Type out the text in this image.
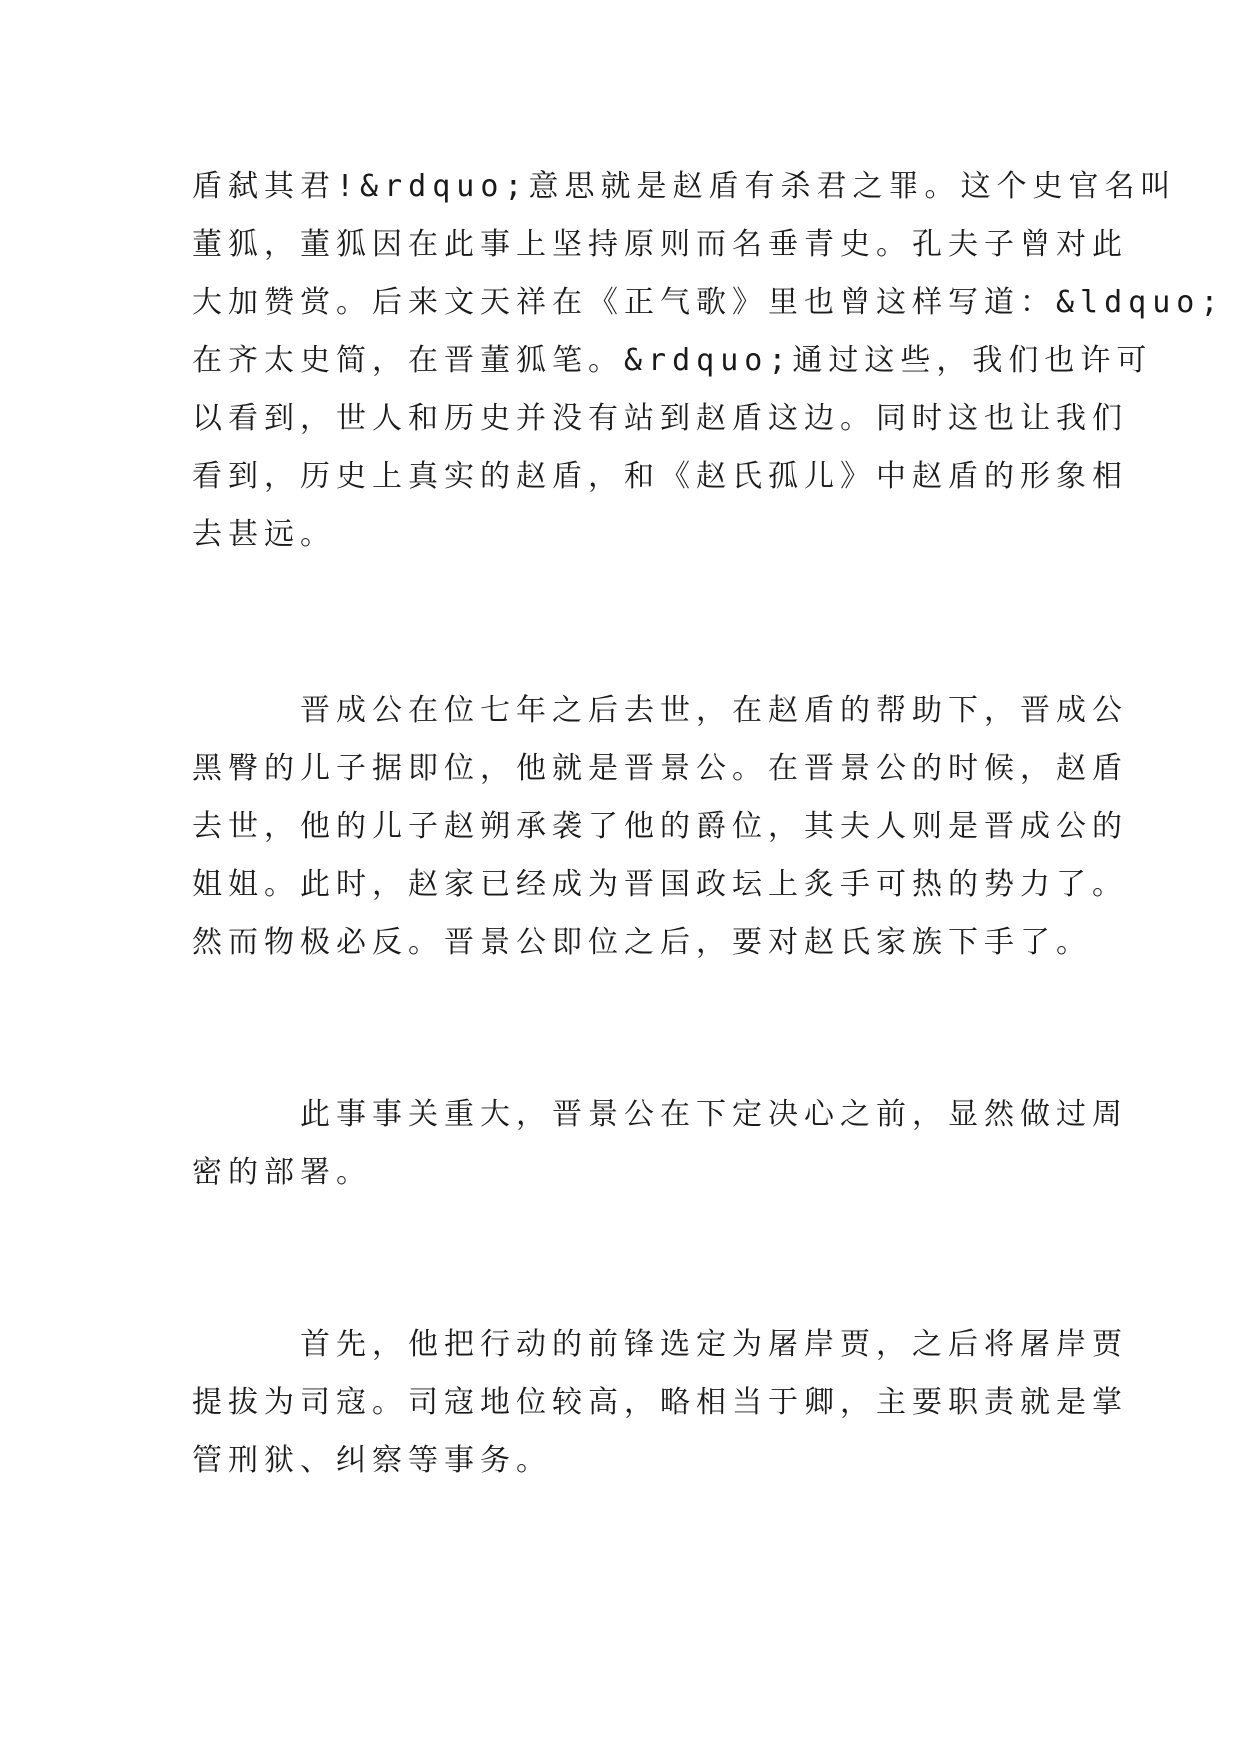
盾弑其君!&rdquo;意思就是赵盾有杀君之罪。这个史官名叫
董狐，董狐因在此事上坚持原则而名垂青史。孔夫子曾对此
大加赞赏。后来文天祥在《正气歌》里也曾这样写道：&ldquo;
在齐太史简，在晋董狐笔。&rdquo;通过这些，我们也许可
以看到，世人和历史并没有站到赵盾这边。同时这也让我们
看到，历史上真实的赵盾，和《赵氏孤儿》中赵盾的形象相
去甚远。
晋成公在位七年之后去世，在赵盾的帮助下，晋成公
黑臀的儿子据即位，他就是晋景公。在晋景公的时候，赵盾
去世，他的儿子赵朔承袭了他的爵位，其夫人则是晋成公的
姐姐。此时，赵家已经成为晋国政坛上炙手可热的势力了。
然而物极必反。晋景公即位之后，要对赵氏家族下手了。
此事事关重大，晋景公在下定决心之前，显然做过周
密的部署。
首先，他把行动的前锋选定为屠岸贾，之后将屠岸贾
提拔为司寇。司寇地位较高，略相当于卿，主要职责就是掌
管刑狱、纠察等事务。
